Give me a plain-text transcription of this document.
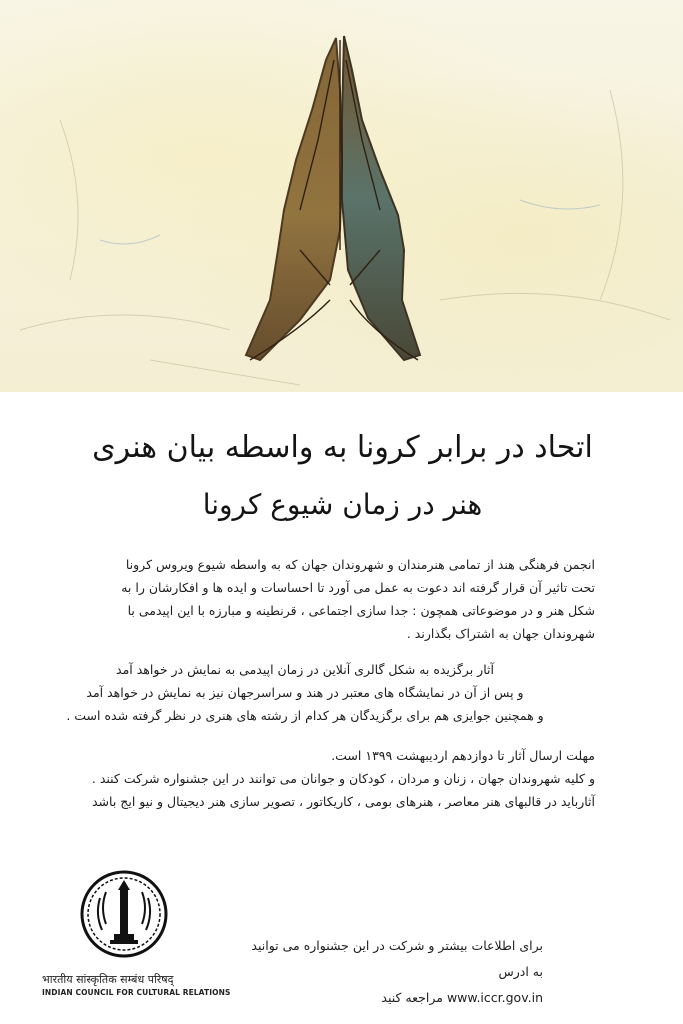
اتحاد در برابر کرونا به واسطه بیان هنری
هنر در زمان شیوع کرونا
انجمن فرهنگی هند از تمامی هنرمندان و شهروندان جهان که به واسطه شیوع ویروس کرونا
تحت تاثیر آن قرار گرفته اند دعوت به عمل می آورد تا احساسات و ایده ها و افکارشان را به
شکل هنر و در موضوعاتی همچون : جدا سازی اجتماعی ، قرنطینه و مبارزه با این اپیدمی با
شهروندان جهان به اشتراک بگذارند .
آثار برگزیده به شکل گالری آنلاین در زمان اپیدمی به نمایش در خواهد آمد
و پس از آن در نمایشگاه های معتبر در هند و سراسرجهان نیز به نمایش در خواهد آمد
و همچنین جوایزی هم برای برگزیدگان هر کدام از رشته های هنری در نظر گرفته شده است .
مهلت ارسال آثار تا دوازدهم اردیبهشت ۱۳۹۹ است.
و کلیه شهروندان جهان ، زنان و مردان ، کودکان و جوانان می توانند در این جشنواره شرکت کنند .
آثارباید در قالبهای هنر معاصر ، هنرهای بومی ، کاریکاتور ، تصویر سازی هنر دیجیتال و نیو ایج باشد
भारतीय सांस्कृतिक सम्बंध परिषद्
INDIAN COUNCIL FOR CULTURAL RELATIONS
برای اطلاعات بیشتر و شرکت در این جشنواره می توانید به ادرس
www.iccr.gov.in مراجعه کنید
